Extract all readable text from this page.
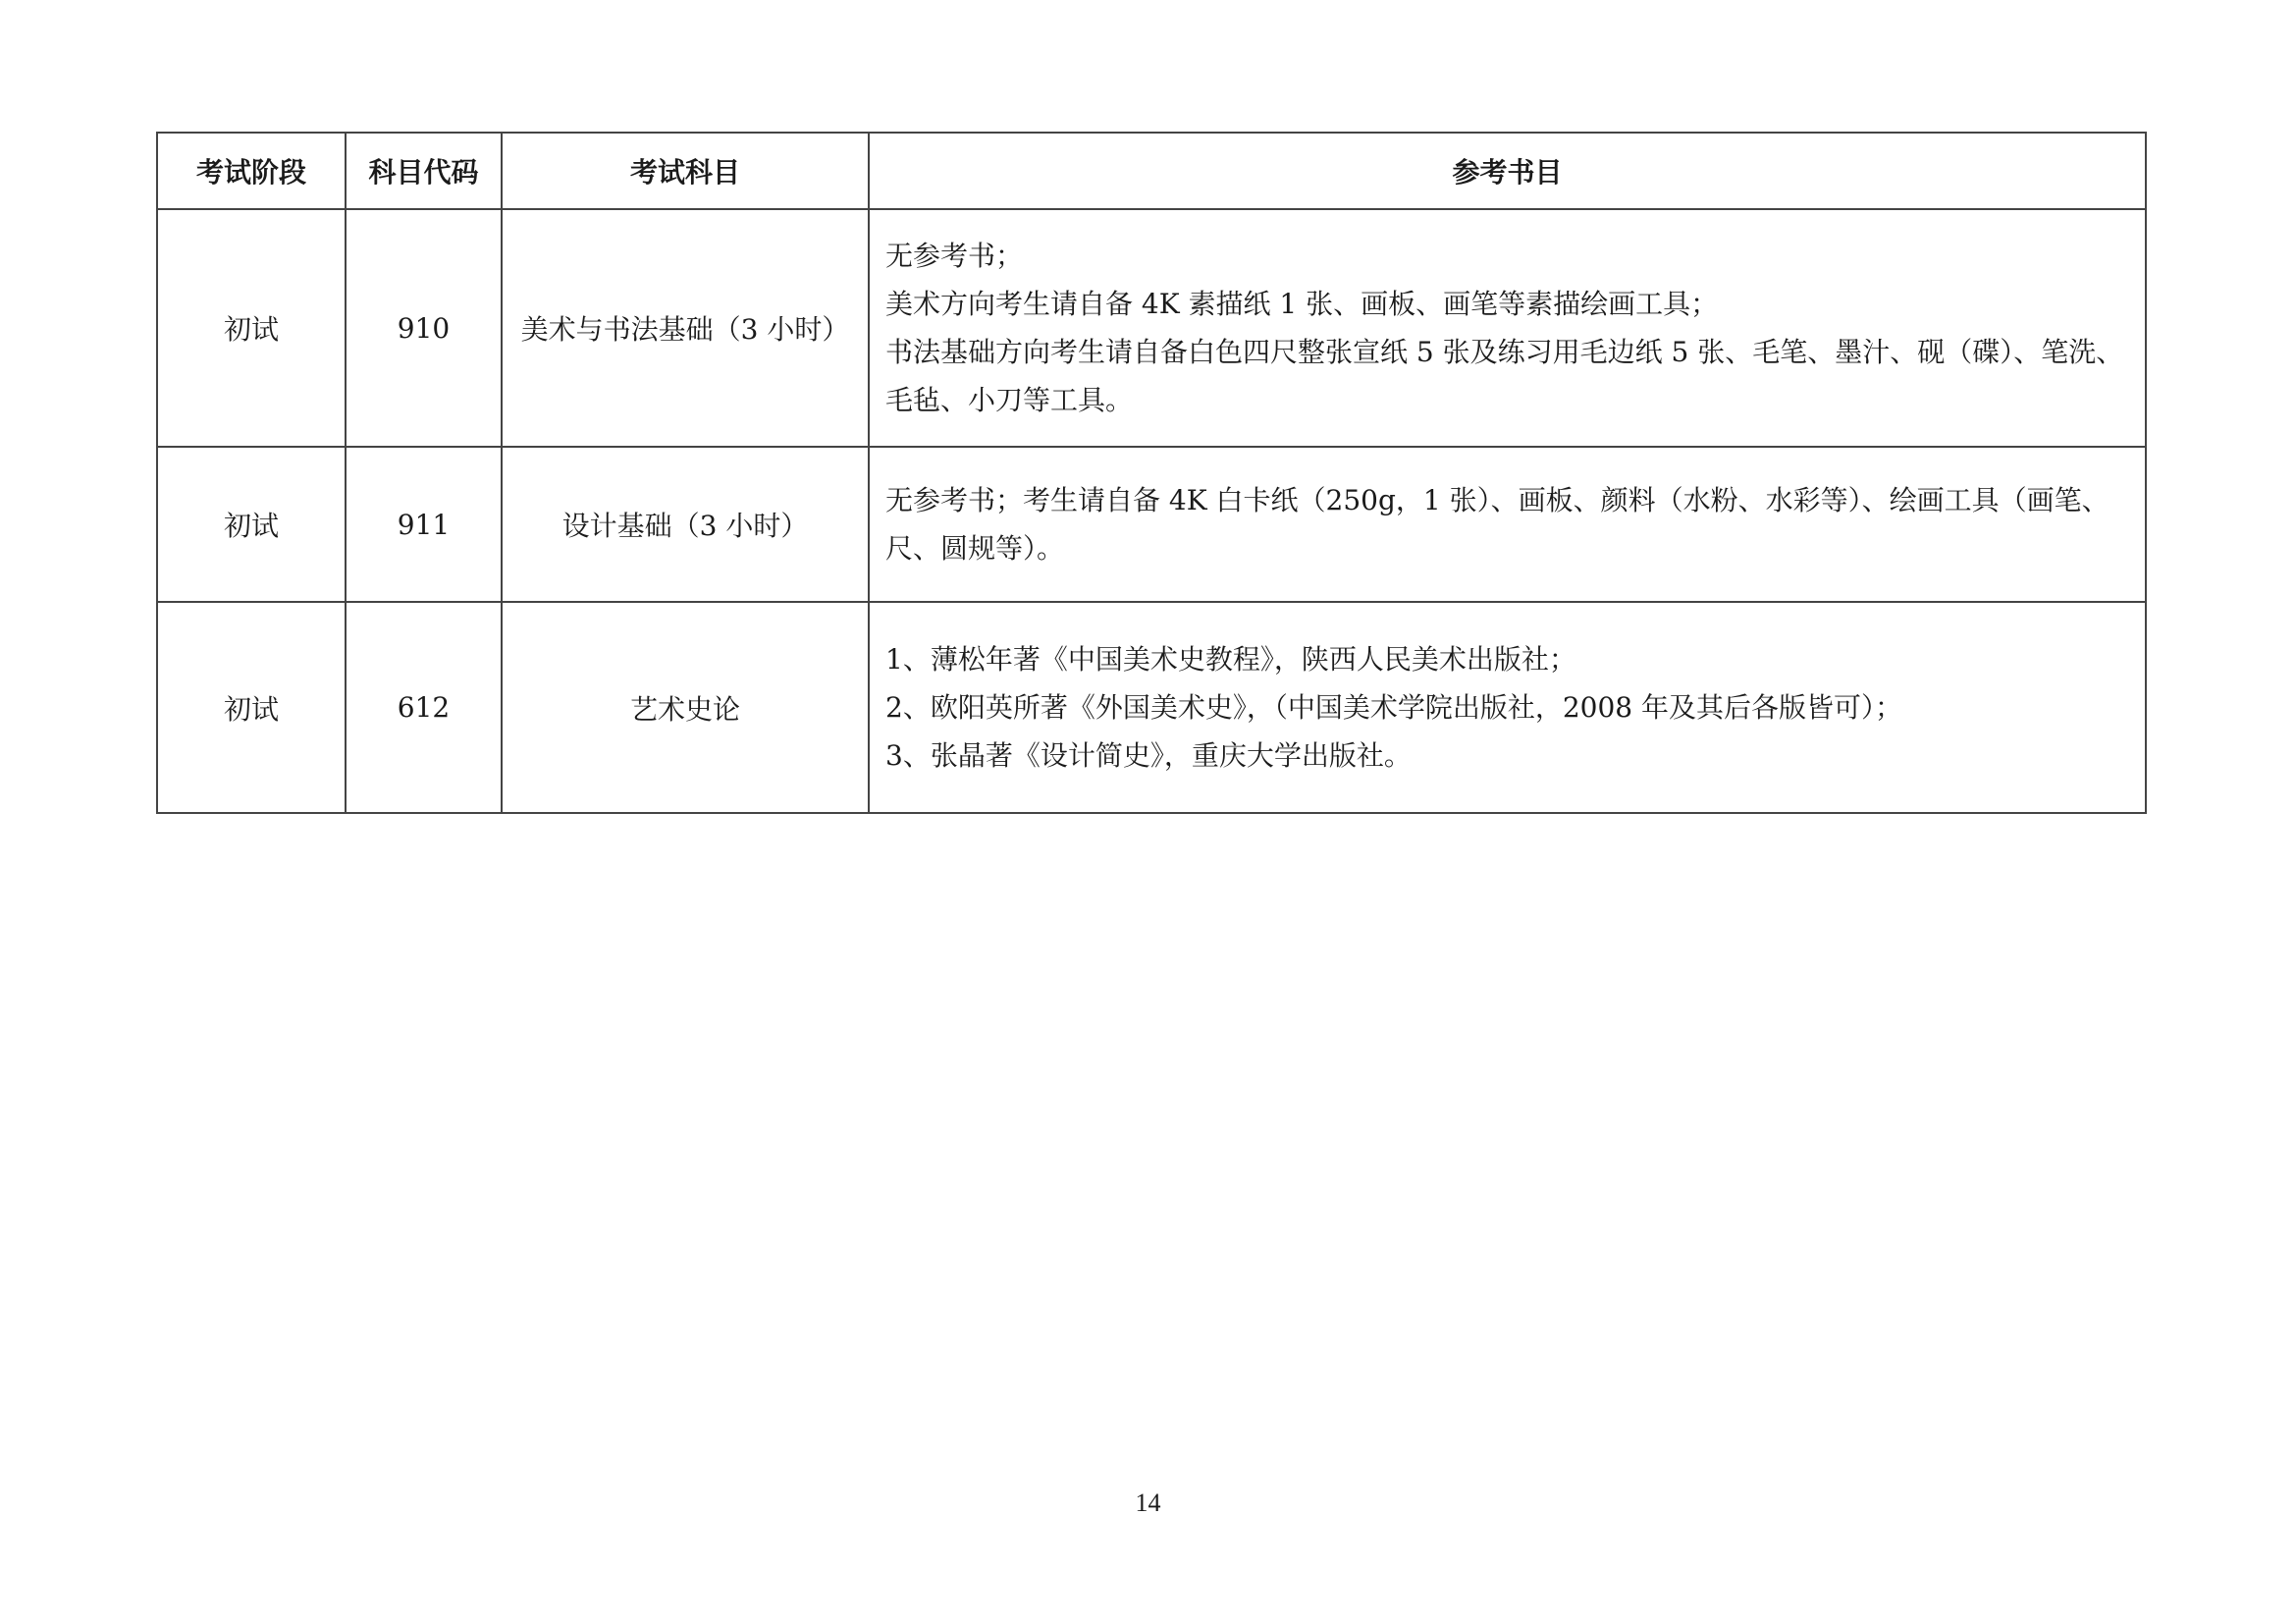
考试阶段	科目代码	考试科目	参考书目
初试	910	美术与书法基础（3 小时）	无参考书；
美术方向考生请自备 4K 素描纸 1 张、画板、画笔等素描绘画工具；
书法基础方向考生请自备白色四尺整张宣纸 5 张及练习用毛边纸 5 张、毛笔、墨汁、砚（碟）、笔洗、毛毡、小刀等工具。

初试	911	设计基础（3 小时）	无参考书；考生请自备 4K 白卡纸（250g，1 张）、画板、颜料（水粉、水彩等）、绘画工具（画笔、尺、圆规等）。

初试	612	艺术史论	1、薄松年著《中国美术史教程》，陕西人民美术出版社；
2、欧阳英所著《外国美术史》，（中国美术学院出版社，2008 年及其后各版皆可）；
3、张晶著《设计简史》，重庆大学出版社。
14
